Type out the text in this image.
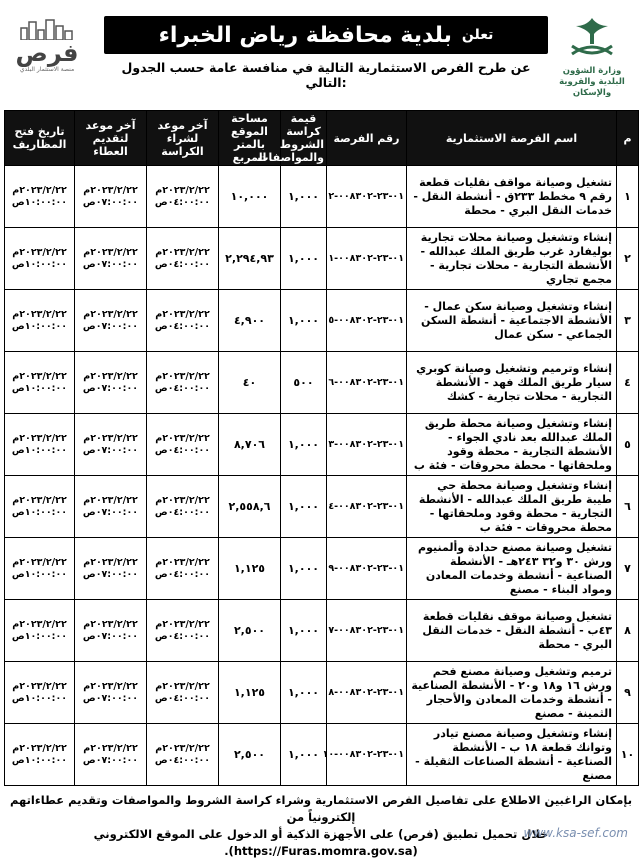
فرص
منصة الاستثمار البلدي
بلدية محافظة رياض الخبراء تعلن
عن طرح الفرص الاستثمارية التالية في منافسة عامة حسب الجدول التالي:
وزارة الشؤون البلدية والقروية والإسكان
م	اسم الفرصة الاستثمارية	رقم الفرصة	قيمة كراسة الشروط والمواصفات	مساحة الموقع بالمتر المربع	آخر موعد لشراء الكراسة	آخر موعد لتقديم العطاء	تاريخ فتح المظاريف
١	تشغيل وصيانة مواقف نقليات قطعة رقم ٩ مخطط ٢٣٣ق - أنشطة النقل - خدمات النقل البري - محطة	٠١-٢٣-٠٠٨٣٠٢-٢	١,٠٠٠	١٠,٠٠٠	٢٠٢٣/٢/٢٢م ٠٤:٠٠:٠٠ص	٢٠٢٣/٢/٢٢م ٠٧:٠٠:٠٠ص	٢٠٢٣/٢/٢٢م ١٠:٠٠:٠٠ص
٢	إنشاء وتشغيل وصيانة محلات تجارية بوليفارد غرب طريق الملك عبدالله - الأنشطة التجارية - محلات تجارية - مجمع تجاري	٠١-٢٣-٠٠٨٣٠٢-١	١,٠٠٠	٢,٢٩٤,٩٣	٢٠٢٣/٢/٢٢م ٠٤:٠٠:٠٠ص	٢٠٢٣/٢/٢٢م ٠٧:٠٠:٠٠ص	٢٠٢٣/٢/٢٢م ١٠:٠٠:٠٠ص
٣	إنشاء وتشغيل وصيانة سكن عمال - الأنشطة الاجتماعية - أنشطة السكن الجماعي - سكن عمال	٠١-٢٣-٠٠٨٣٠٢-٥	١,٠٠٠	٤,٩٠٠	٢٠٢٣/٢/٢٢م ٠٤:٠٠:٠٠ص	٢٠٢٣/٢/٢٢م ٠٧:٠٠:٠٠ص	٢٠٢٣/٢/٢٢م ١٠:٠٠:٠٠ص
٤	إنشاء وترميم وتشغيل وصيانة كوبري سيار طريق الملك فهد - الأنشطة التجارية - محلات تجارية - كشك	٠١-٢٣-٠٠٨٣٠٢-٦	٥٠٠	٤٠	٢٠٢٣/٢/٢٢م ٠٤:٠٠:٠٠ص	٢٠٢٣/٢/٢٢م ٠٧:٠٠:٠٠ص	٢٠٢٣/٢/٢٢م ١٠:٠٠:٠٠ص
٥	إنشاء وتشغيل وصيانة محطة طريق الملك عبدالله بعد نادي الجواء - الأنشطة التجارية - محطة وقود وملحقاتها - محطة محروقات - فئة ب	٠١-٢٣-٠٠٨٣٠٢-٣	١,٠٠٠	٨,٧٠٦	٢٠٢٣/٢/٢٢م ٠٤:٠٠:٠٠ص	٢٠٢٣/٢/٢٢م ٠٧:٠٠:٠٠ص	٢٠٢٣/٢/٢٢م ١٠:٠٠:٠٠ص
٦	إنشاء وتشغيل وصيانة محطة حي طيبة طريق الملك عبدالله - الأنشطة التجارية - محطة وقود وملحقاتها - محطة محروقات - فئة ب	٠١-٢٣-٠٠٨٣٠٢-٤	١,٠٠٠	٢,٥٥٨,٦	٢٠٢٣/٢/٢٢م ٠٤:٠٠:٠٠ص	٢٠٢٣/٢/٢٢م ٠٧:٠٠:٠٠ص	٢٠٢٣/٢/٢٢م ١٠:٠٠:٠٠ص
٧	تشغيل وصيانة مصنع حدادة وألمنيوم ورش ٣٠ و٣٢ ٢٤٣هـ - الأنشطة الصناعية - أنشطة وخدمات المعادن ومواد البناء - مصنع	٠١-٢٣-٠٠٨٣٠٢-٩	١,٠٠٠	١,١٢٥	٢٠٢٣/٢/٢٢م ٠٤:٠٠:٠٠ص	٢٠٢٣/٢/٢٢م ٠٧:٠٠:٠٠ص	٢٠٢٣/٢/٢٢م ١٠:٠٠:٠٠ص
٨	تشغيل وصيانة موقف نقليات قطعة ٤٣ب - أنشطة النقل - خدمات النقل البري - محطة	٠١-٢٣-٠٠٨٣٠٢-٧	١,٠٠٠	٢,٥٠٠	٢٠٢٣/٢/٢٢م ٠٤:٠٠:٠٠ص	٢٠٢٣/٢/٢٢م ٠٧:٠٠:٠٠ص	٢٠٢٣/٢/٢٢م ١٠:٠٠:٠٠ص
٩	ترميم وتشغيل وصيانة مصنع فحم ورش ١٦ و١٨ و٢٠ - الأنشطة الصناعية - أنشطة وخدمات المعادن والأحجار الثمينة - مصنع	٠١-٢٣-٠٠٨٣٠٢-٨	١,٠٠٠	١,١٢٥	٢٠٢٣/٢/٢٢م ٠٤:٠٠:٠٠ص	٢٠٢٣/٢/٢٢م ٠٧:٠٠:٠٠ص	٢٠٢٣/٢/٢٢م ١٠:٠٠:٠٠ص
١٠	إنشاء وتشغيل وصيانة مصنع تيادر وتوانك قطعة ١٨ ب - الأنشطة الصناعية - أنشطة الصناعات الثقيلة - مصنع	٠١-٢٣-٠٠٨٣٠٢-١٠	١,٠٠٠	٢,٥٠٠	٢٠٢٣/٢/٢٢م ٠٤:٠٠:٠٠ص	٢٠٢٣/٢/٢٢م ٠٧:٠٠:٠٠ص	٢٠٢٣/٢/٢٢م ١٠:٠٠:٠٠ص
بإمكان الراغبين الاطلاع على تفاصيل الفرص الاستثمارية وشراء كراسة الشروط والمواصفات وتقديم عطاءاتهم إلكترونياً من
خلال تحميل تطبيق (فرص) على الأجهزة الذكية أو الدخول على الموقع الالكتروني (https://Furas.momra.gov.sa).
www.ksa-sef.com
